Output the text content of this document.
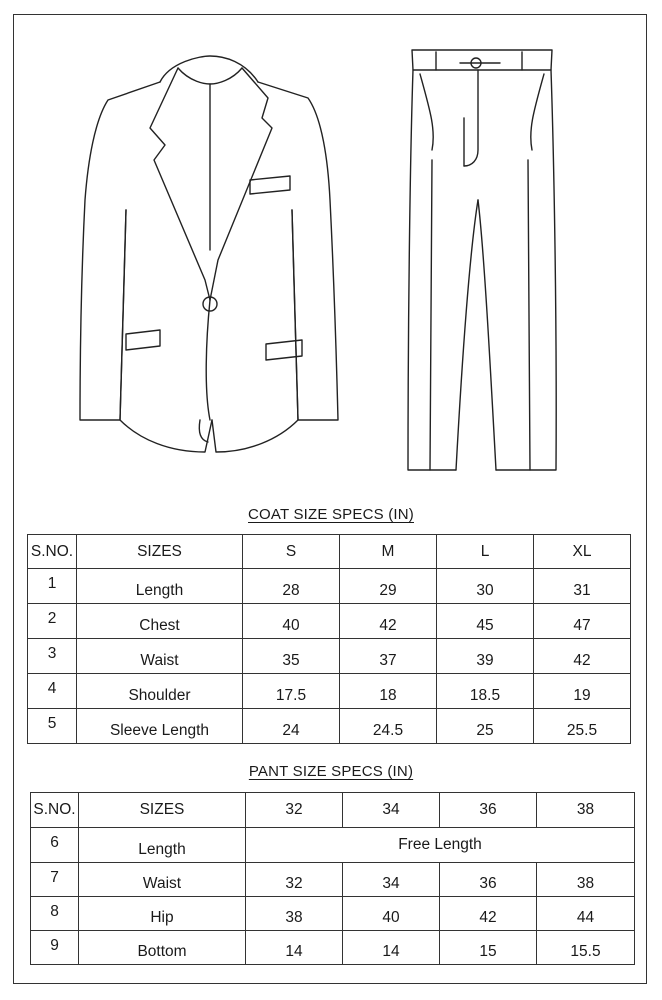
COAT SIZE SPECS (IN)
S.NO.	SIZES	S	M	L	XL
1	Length	28	29	30	31
2	Chest	40	42	45	47
3	Waist	35	37	39	42
4	Shoulder	17.5	18	18.5	19
5	Sleeve Length	24	24.5	25	25.5
PANT SIZE SPECS (IN)
S.NO.	SIZES	32	34	36	38
6	Length	Free Length			
7	Waist	32	34	36	38
8	Hip	38	40	42	44
9	Bottom	14	14	15	15.5
